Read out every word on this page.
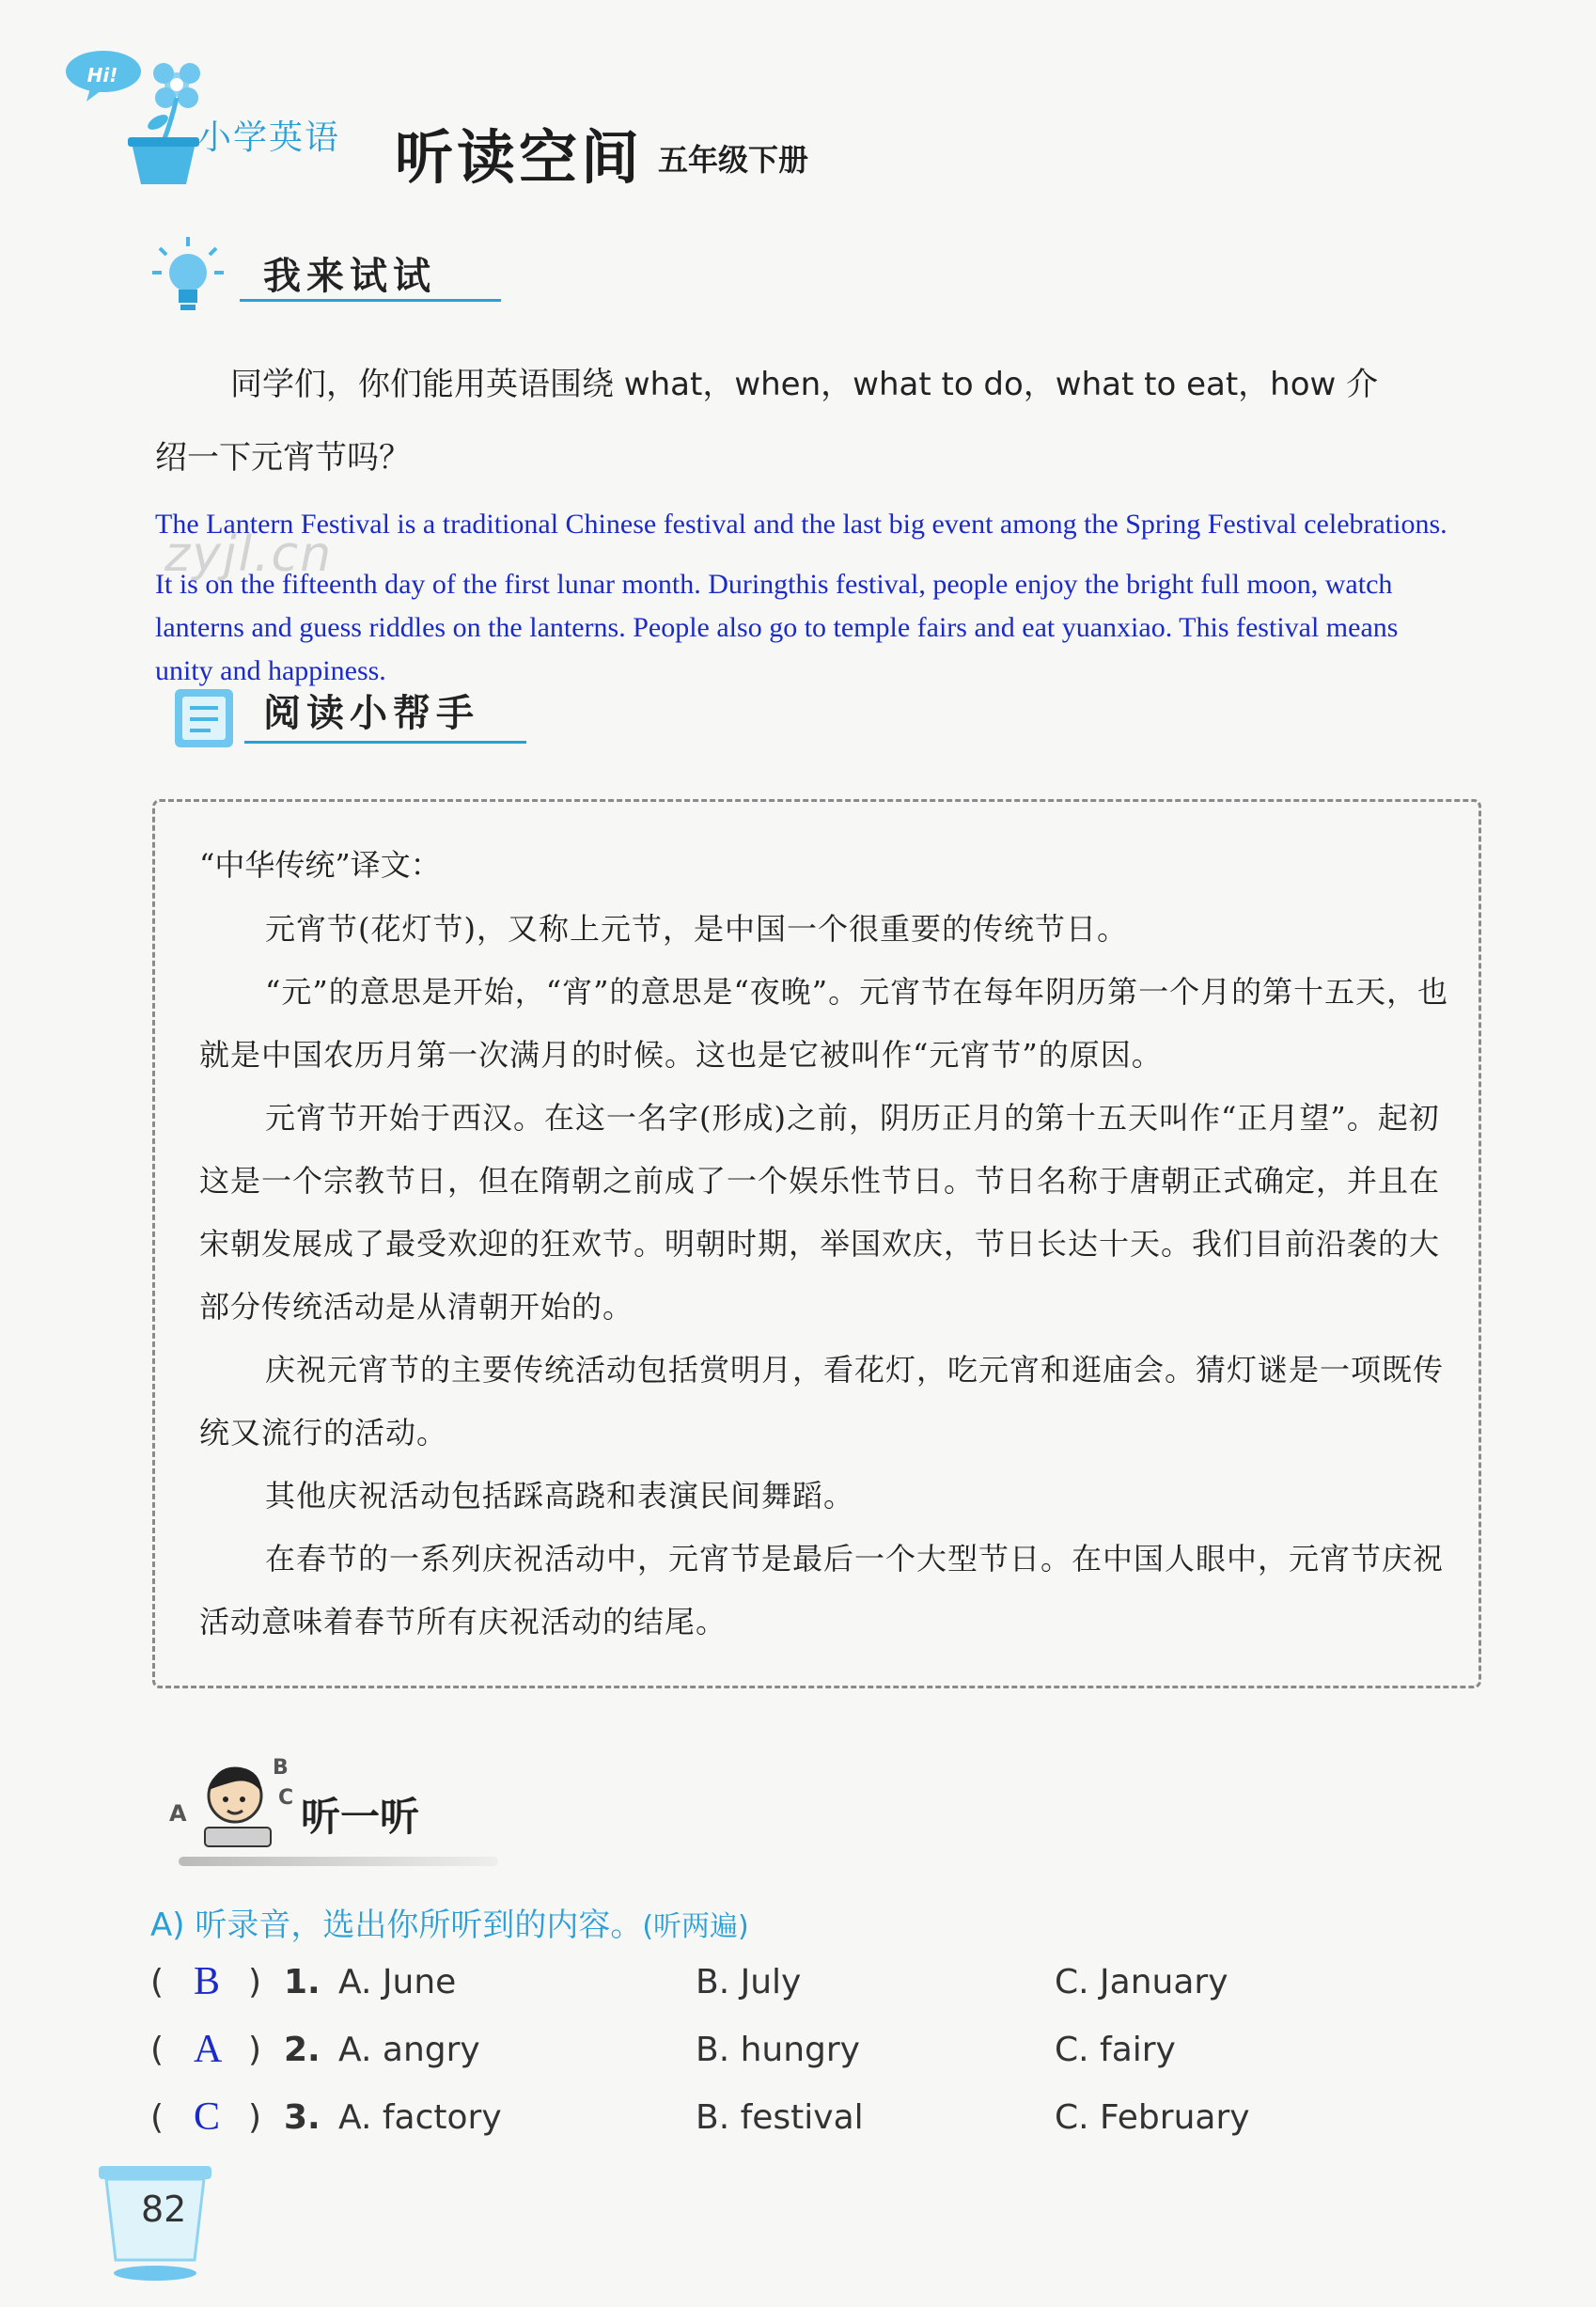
Hi!
小学英语 听读空间 五年级下册
我来试试
同学们，你们能用英语围绕 what，when，what to do，what to eat，how 介
绍一下元宵节吗？
zyjl.cn
The Lantern Festival is a traditional Chinese festival and the last big event among the Spring Festival celebrations.
It is on the fifteenth day of the first lunar month. Duringthis festival, people enjoy the bright full moon, watch
lanterns and guess riddles on the lanterns. People also go to temple fairs and eat yuanxiao. This festival means
unity and happiness.
阅读小帮手
“中华传统”译文：
元宵节(花灯节)，又称上元节，是中国一个很重要的传统节日。
“元”的意思是开始，“宵”的意思是“夜晚”。元宵节在每年阴历第一个月的第十五天，也就是中国农历月第一次满月的时候。这也是它被叫作“元宵节”的原因。
元宵节开始于西汉。在这一名字(形成)之前，阴历正月的第十五天叫作“正月望”。起初这是一个宗教节日，但在隋朝之前成了一个娱乐性节日。节日名称于唐朝正式确定，并且在宋朝发展成了最受欢迎的狂欢节。明朝时期，举国欢庆，节日长达十天。我们目前沿袭的大部分传统活动是从清朝开始的。
庆祝元宵节的主要传统活动包括赏明月，看花灯，吃元宵和逛庙会。猜灯谜是一项既传统又流行的活动。
其他庆祝活动包括踩高跷和表演民间舞蹈。
在春节的一系列庆祝活动中，元宵节是最后一个大型节日。在中国人眼中，元宵节庆祝活动意味着春节所有庆祝活动的结尾。
A
B
C 听一听
A) 听录音，选出你所听到的内容。(听两遍)
( B ) 1. A. June	B. July	C. January
( A ) 2. A. angry	B. hungry	C. fairy
( C ) 3. A. factory	B. festival	C. February
82
